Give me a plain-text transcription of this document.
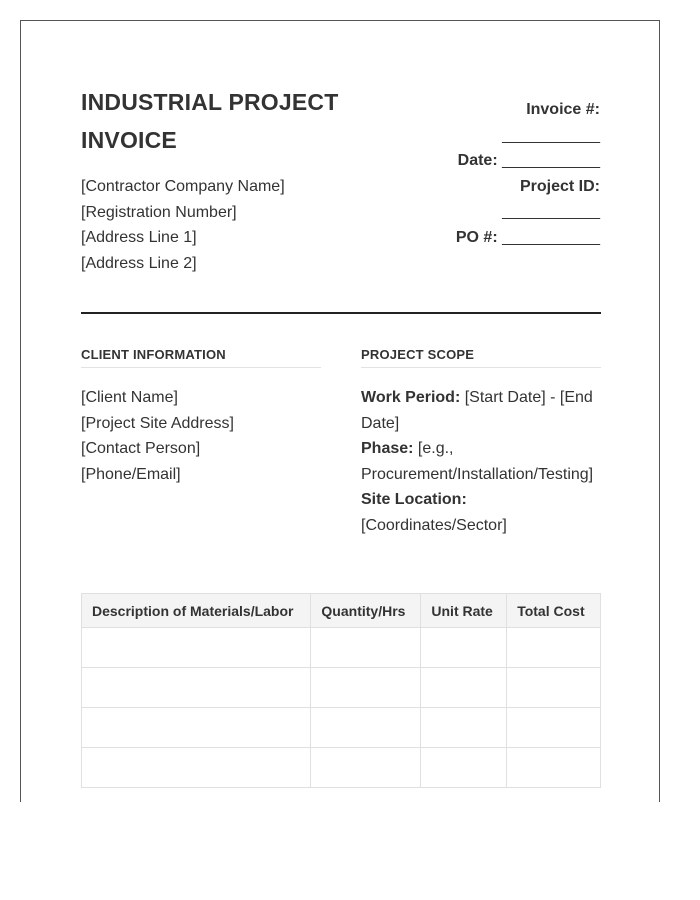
INDUSTRIAL PROJECT INVOICE
[Contractor Company Name]
[Registration Number]
[Address Line 1]
[Address Line 2]
Invoice #:
___________
Date: ___________
Project ID:
___________
PO #: ___________
CLIENT INFORMATION
[Client Name]
[Project Site Address]
[Contact Person]
[Phone/Email]
PROJECT SCOPE
Work Period: [Start Date] - [End Date]
Phase: [e.g., Procurement/Installation/Testing]
Site Location: [Coordinates/Sector]
Description of Materials/Labor	Quantity/Hrs	Unit Rate	Total Cost
